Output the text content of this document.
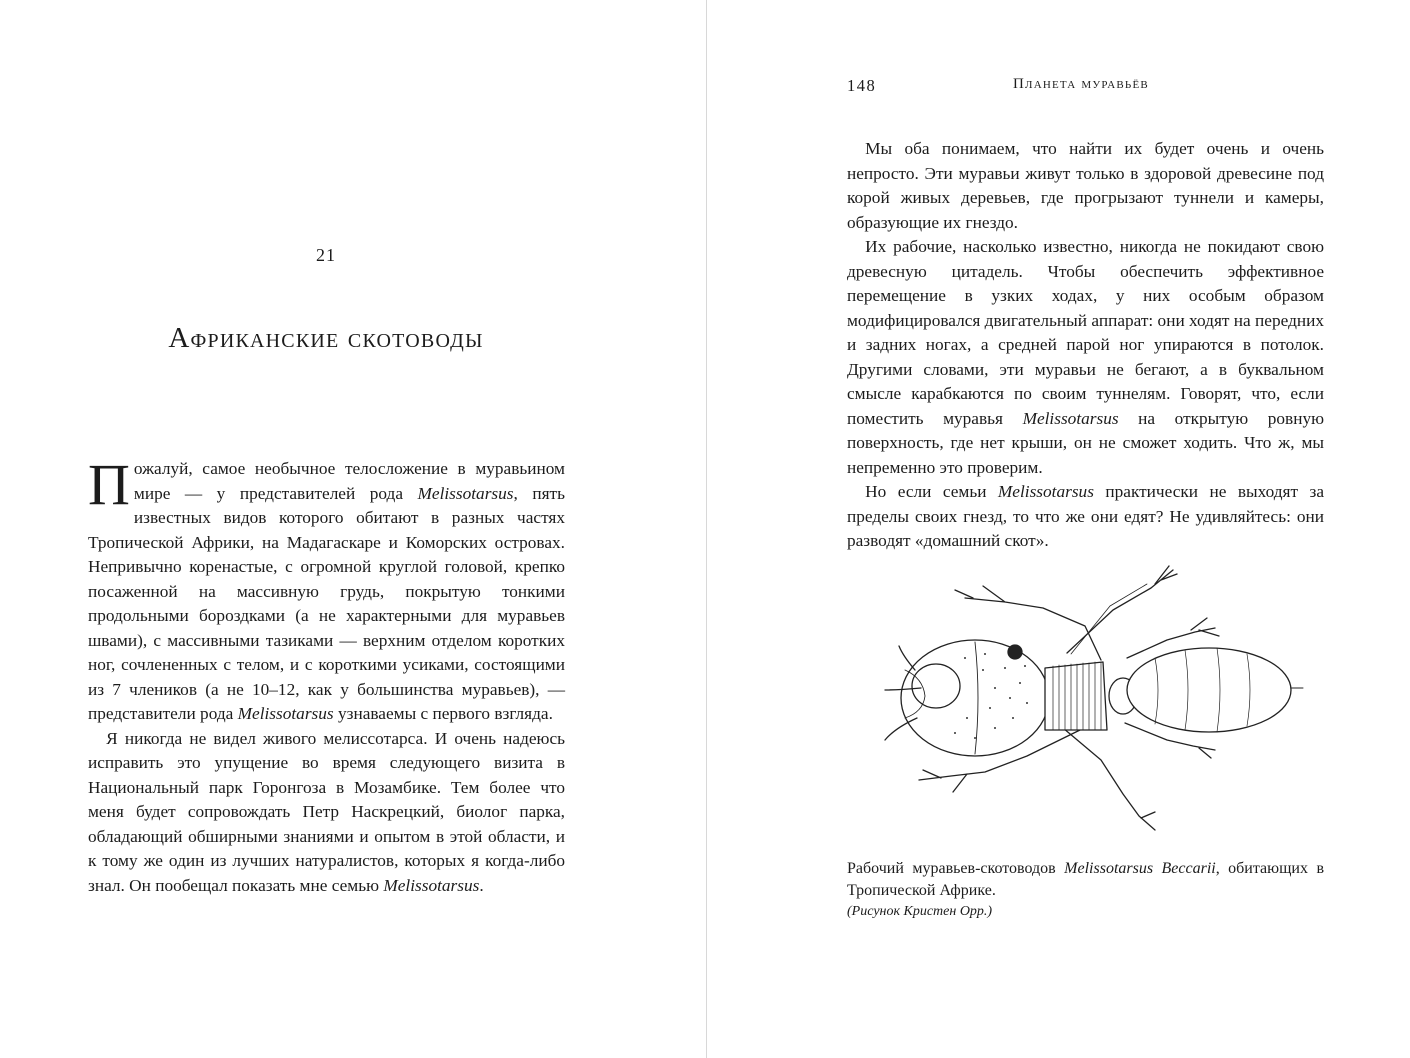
21
Африканские скотоводы

Пожалуй, самое необычное телосложение в муравьином мире — у представителей рода Melissotarsus, пять известных видов которого обитают в разных частях Тропической Африки, на Мадагаскаре и Коморских островах. Непривычно коренастые, с огромной круглой головой, крепко посаженной на массивную грудь, покрытую тонкими продольными бороздками (а не характерными для муравьев швами), с массивными тазиками — верхним отделом коротких ног, сочлененных с телом, и с короткими усиками, состоящими из 7 члеников (а не 10–12, как у большинства муравьев), — представители рода Melissotarsus узнаваемы с первого взгляда.

Я никогда не видел живого мелиссотарса. И очень надеюсь исправить это упущение во время следующего визита в Национальный парк Горонгоза в Мозамбике. Тем более что меня будет сопровождать Петр Наскрецкий, биолог парка, обладающий обширными знаниями и опытом в этой области, и к тому же один из лучших натуралистов, которых я когда-либо знал. Он пообещал показать мне семью Melissotarsus.

148	Планета муравьёв

Мы оба понимаем, что найти их будет очень и очень непросто. Эти муравьи живут только в здоровой древесине под корой живых деревьев, где прогрызают туннели и камеры, образующие их гнездо.

Их рабочие, насколько известно, никогда не покидают свою древесную цитадель. Чтобы обеспечить эффективное перемещение в узких ходах, у них особым образом модифицировался двигательный аппарат: они ходят на передних и задних ногах, а средней парой ног упираются в потолок. Другими словами, эти муравьи не бегают, а в буквальном смысле карабкаются по своим туннелям. Говорят, что, если поместить муравья Melissotarsus на открытую ровную поверхность, где нет крыши, он не сможет ходить. Что ж, мы непременно это проверим.

Но если семьи Melissotarsus практически не выходят за пределы своих гнезд, то что же они едят? Не удивляйтесь: они разводят «домашний скот».

Рабочий муравьев-скотоводов Melissotarsus Beccarii, обитающих в Тропической Африке.
(Рисунок Кристен Орр.)
